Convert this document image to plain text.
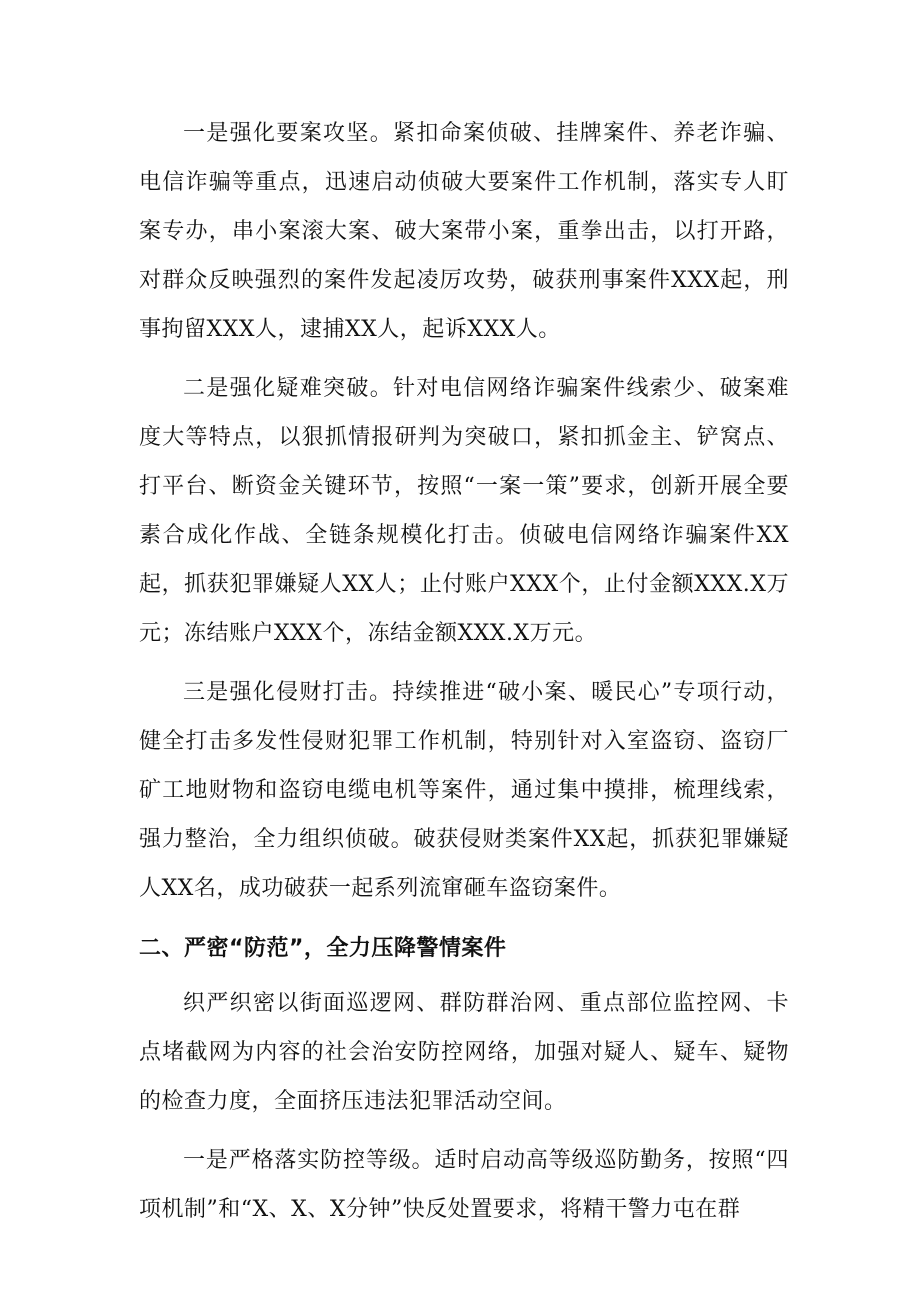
一是强化要案攻坚。紧扣命案侦破、挂牌案件、养老诈骗、电信诈骗等重点，迅速启动侦破大要案件工作机制，落实专人盯案专办，串小案滚大案、破大案带小案，重拳出击，以打开路，对群众反映强烈的案件发起凌厉攻势，破获刑事案件XXX起，刑事拘留XXX人，逮捕XX人，起诉XXX人。

二是强化疑难突破。针对电信网络诈骗案件线索少、破案难度大等特点，以狠抓情报研判为突破口，紧扣抓金主、铲窝点、打平台、断资金关键环节，按照“一案一策”要求，创新开展全要素合成化作战、全链条规模化打击。侦破电信网络诈骗案件XX起，抓获犯罪嫌疑人XX人；止付账户XXX个，止付金额XXX.X万元；冻结账户XXX个，冻结金额XXX.X万元。

三是强化侵财打击。持续推进“破小案、暖民心”专项行动，健全打击多发性侵财犯罪工作机制，特别针对入室盗窃、盗窃厂矿工地财物和盗窃电缆电机等案件，通过集中摸排，梳理线索，强力整治，全力组织侦破。破获侵财类案件XX起，抓获犯罪嫌疑人XX名，成功破获一起系列流窜砸车盗窃案件。

二、严密“防范”，全力压降警情案件

织严织密以街面巡逻网、群防群治网、重点部位监控网、卡点堵截网为内容的社会治安防控网络，加强对疑人、疑车、疑物的检查力度，全面挤压违法犯罪活动空间。

一是严格落实防控等级。适时启动高等级巡防勤务，按照“四项机制”和“X、X、X分钟”快反处置要求，将精干警力屯在群
